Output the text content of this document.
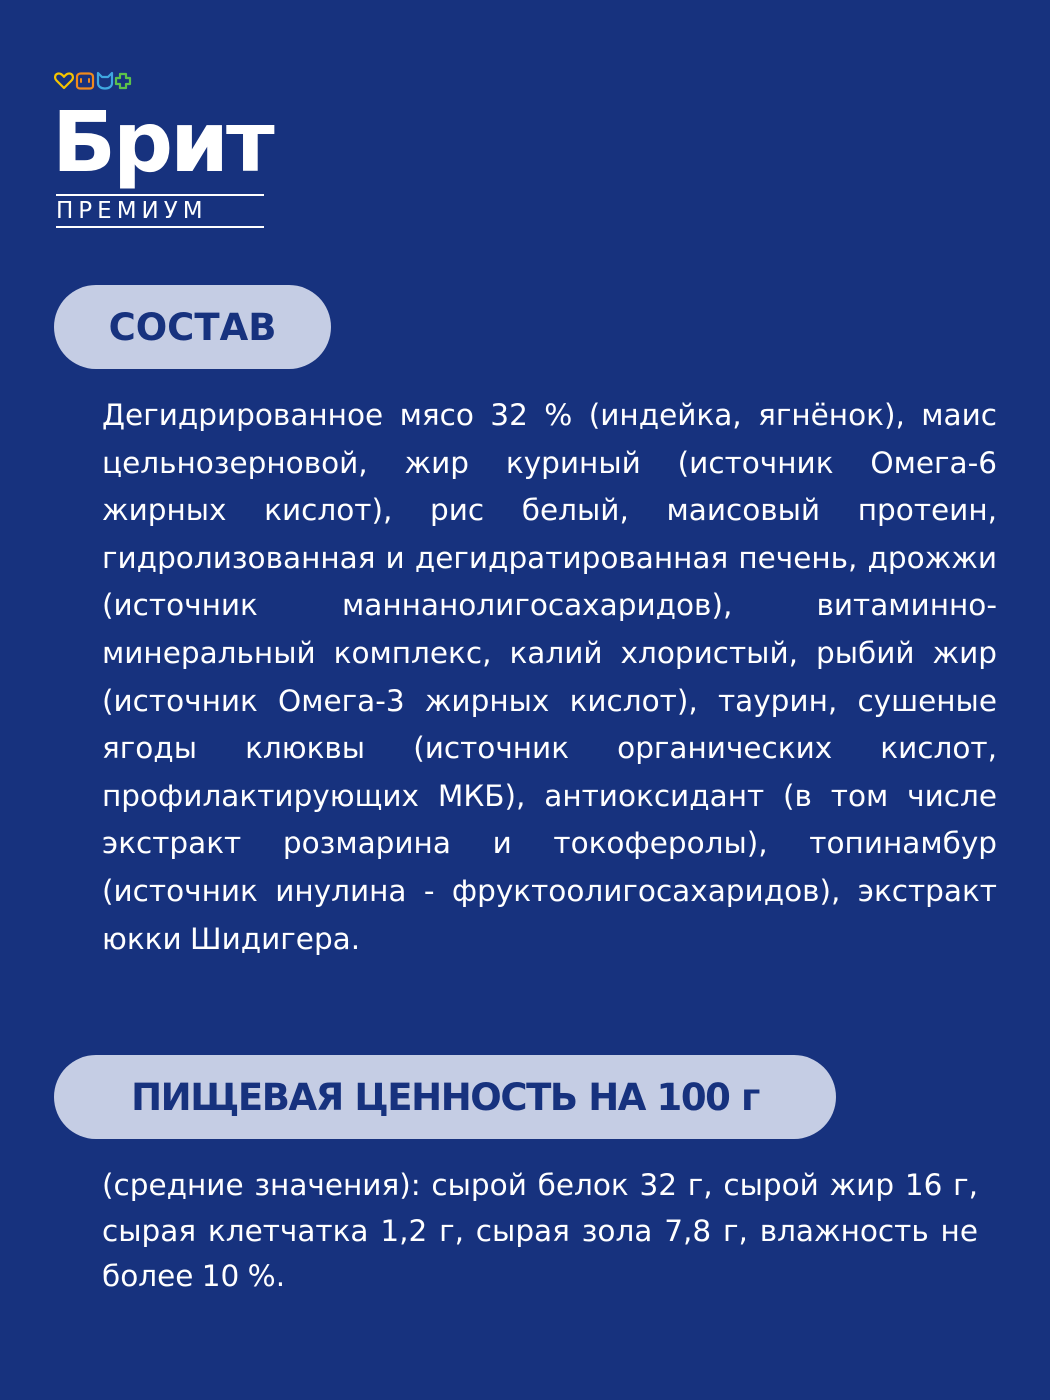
Брит
ПРЕМИУМ
СОСТАВ
Дегидрированное мясо 32 % (индейка, ягнёнок), маис цельнозерновой, жир куриный (источник Омега-6 жирных кислот), рис белый, маисовый протеин, гидролизованная и дегидратированная печень, дрожжи (источник маннанолигосахаридов), витаминно-минеральный комплекс, калий хлористый, рыбий жир (источник Омега-3 жирных кислот), таурин, сушеные ягоды клюквы (источник органических кислот, профилактирующих МКБ), антиоксидант (в том числе экстракт розмарина и токоферолы), топинамбур (источник инулина - фруктоолигосахаридов), экстракт юкки Шидигера.
ПИЩЕВАЯ ЦЕННОСТЬ НА 100 г
(средние значения): сырой белок 32 г, сырой жир 16 г, сырая клетчатка 1,2 г, сырая зола 7,8 г, влажность не более 10 %.
